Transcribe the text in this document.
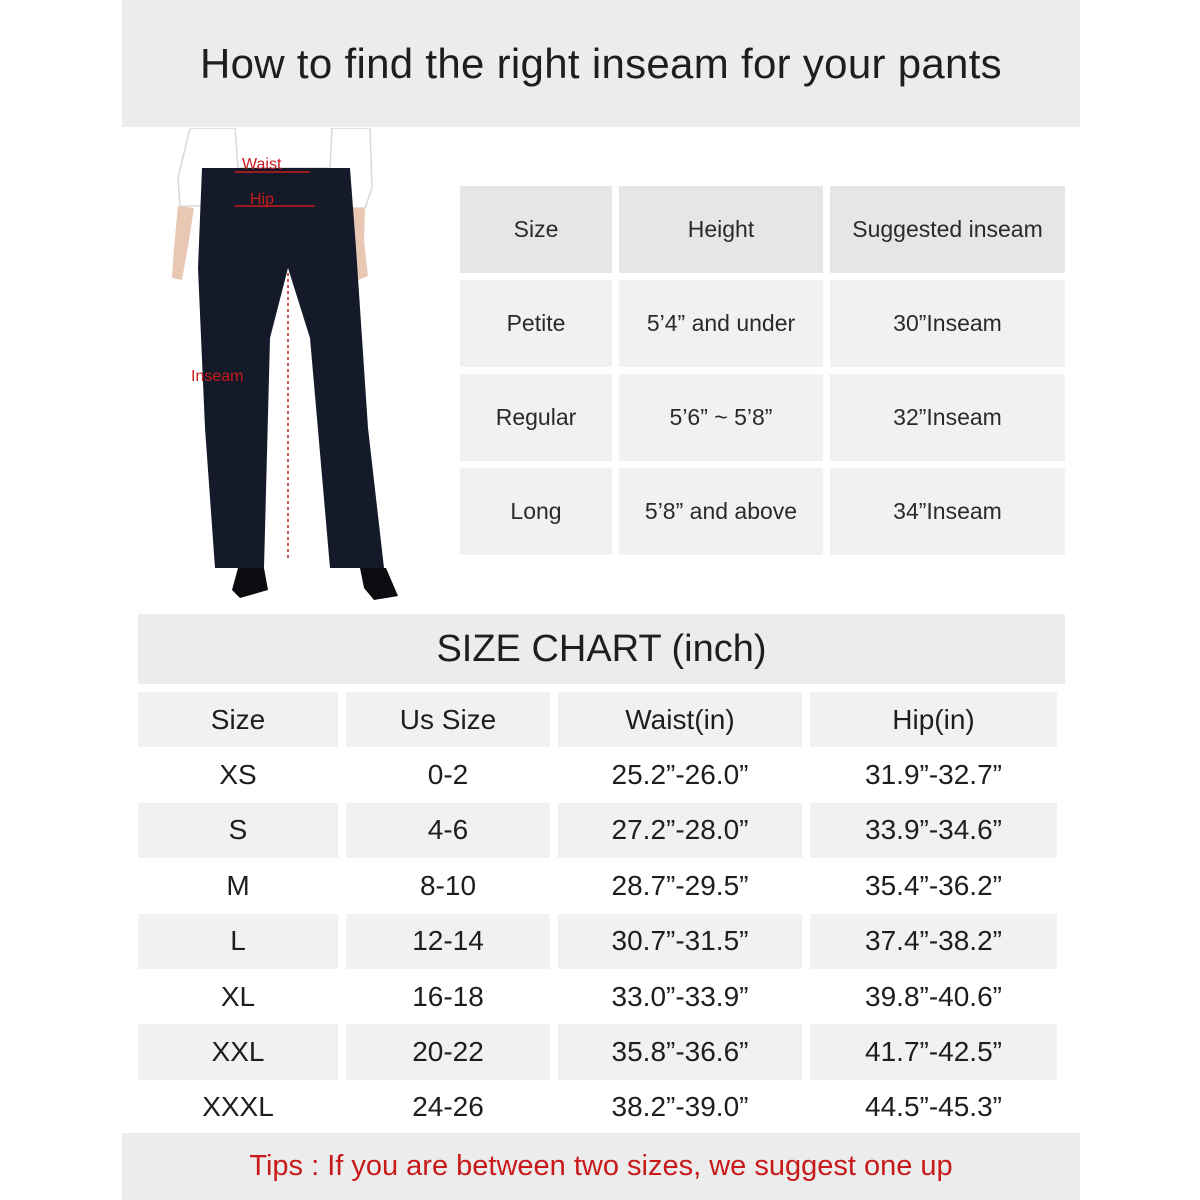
How to find the right inseam for your pants
Waist
Hip
Inseam
Size	Height	Suggested inseam
Petite	5’4” and under	30”Inseam
Regular	5’6” ~ 5’8”	32”Inseam
Long	5’8” and above	34”Inseam
SIZE CHART (inch)
Size	Us Size	Waist(in)	Hip(in)
XS	0-2	25.2”-26.0”	31.9”-32.7”
S	4-6	27.2”-28.0”	33.9”-34.6”
M	8-10	28.7”-29.5”	35.4”-36.2”
L	12-14	30.7”-31.5”	37.4”-38.2”
XL	16-18	33.0”-33.9”	39.8”-40.6”
XXL	20-22	35.8”-36.6”	41.7”-42.5”
XXXL	24-26	38.2”-39.0”	44.5”-45.3”
Tips : If you are between two sizes, we suggest one up
